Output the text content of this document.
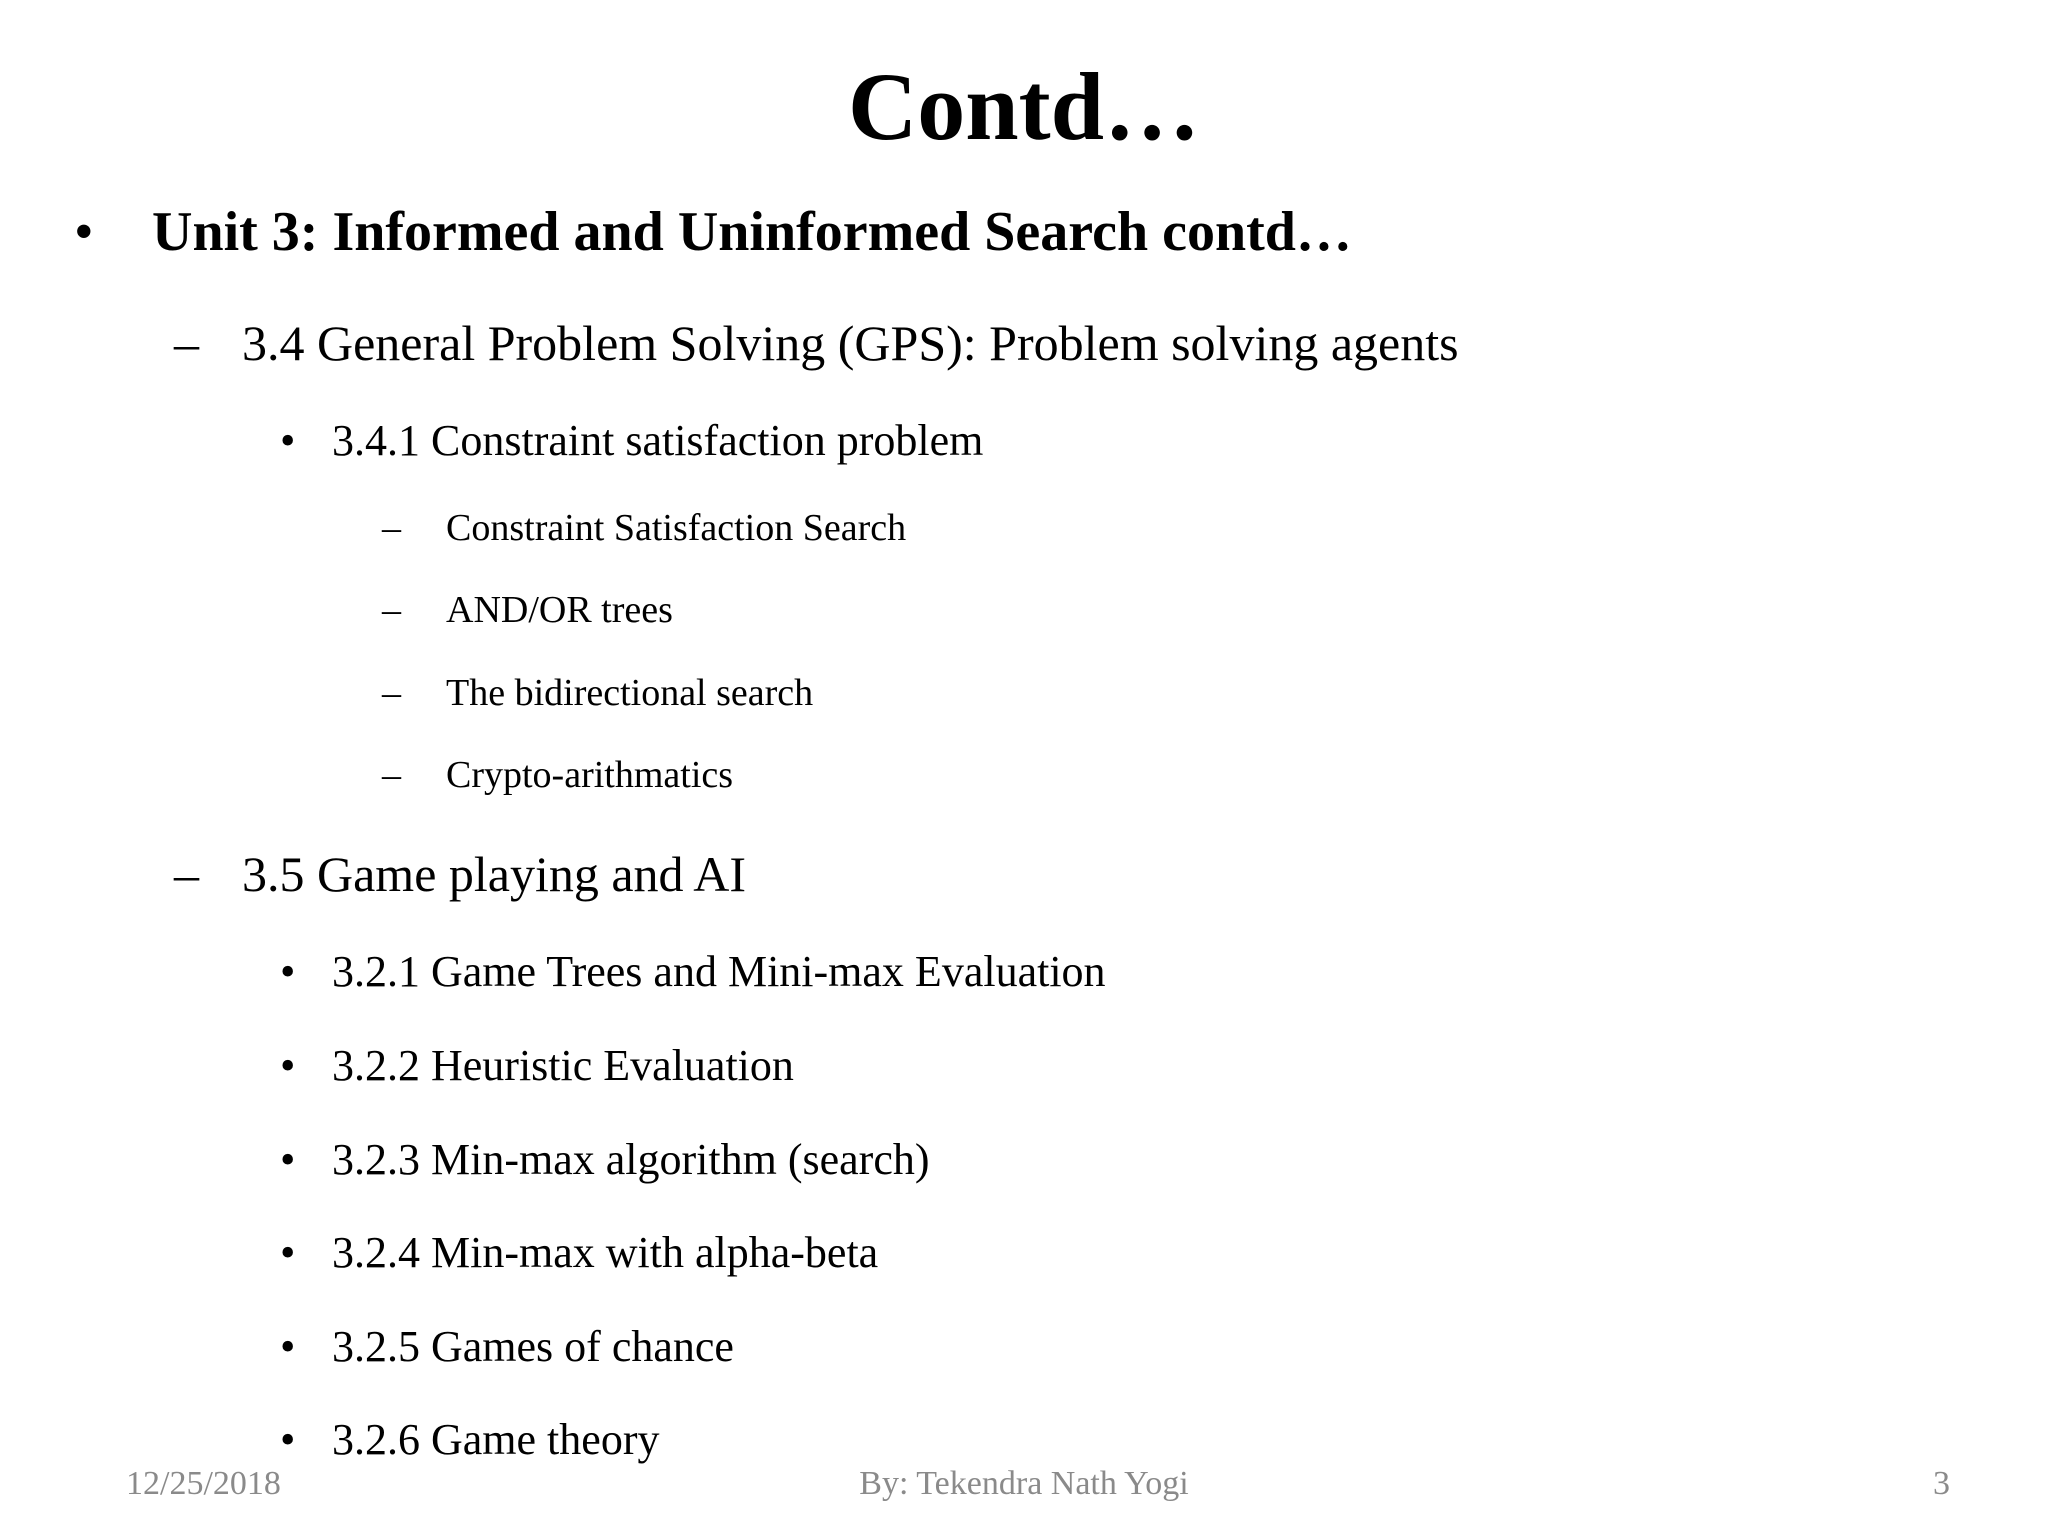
Contd…
• Unit 3: Informed and Uninformed Search contd…
– 3.4 General Problem Solving (GPS): Problem solving agents
• 3.4.1 Constraint satisfaction problem
– Constraint Satisfaction Search
– AND/OR trees
– The bidirectional search
– Crypto-arithmatics
– 3.5 Game playing and AI
• 3.2.1 Game Trees and Mini-max Evaluation
• 3.2.2 Heuristic Evaluation
• 3.2.3 Min-max algorithm (search)
• 3.2.4 Min-max with alpha-beta
• 3.2.5 Games of chance
• 3.2.6 Game theory
12/25/2018	By: Tekendra Nath Yogi	3
